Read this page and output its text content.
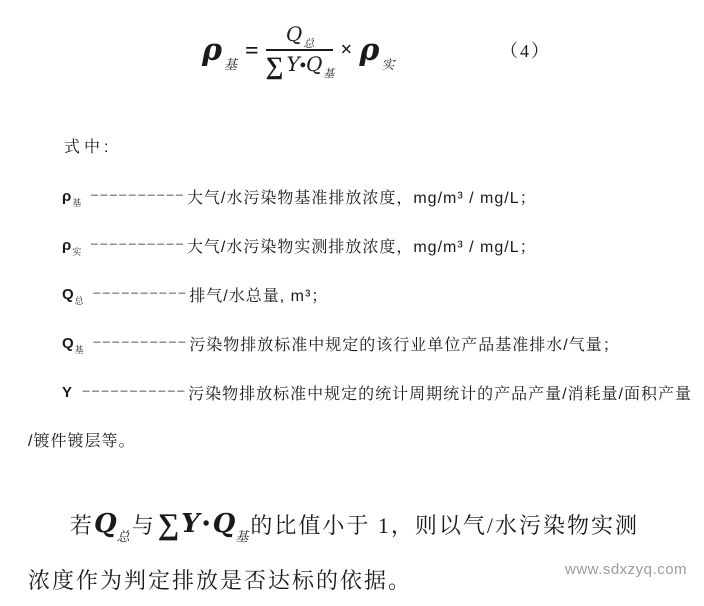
ρ $_基$
= $\frac{Q_总}{\sum Y•Q_基} \times \rho$ $_实$
（4）
式中:
$\rho_基$ −−−−−−−−−− 大气/水污染物基准排放浓度，mg/m³ / mg/L；
$\rho_实$ −−−−−−−−−− 大气/水污染物实测排放浓度，mg/m³ / mg/L；
$Q_总$ −−−−−−−−−− 排气/水总量, m³；
$Q_基$ −−−−−−−−−− 污染物排放标准中规定的该行业单位产品基准排水/气量；
Y −−−−−−−−−−− 污染物排放标准中规定的统计周期统计的产品产量/消耗量/面积产量
/镀件镀层等。
若 $Q_总$ 与 ∑ Y • $Q_基$ 的比值小于 1，则以气/水污染物实测
浓度作为判定排放是否达标的依据。	www.sdxzyq.com
